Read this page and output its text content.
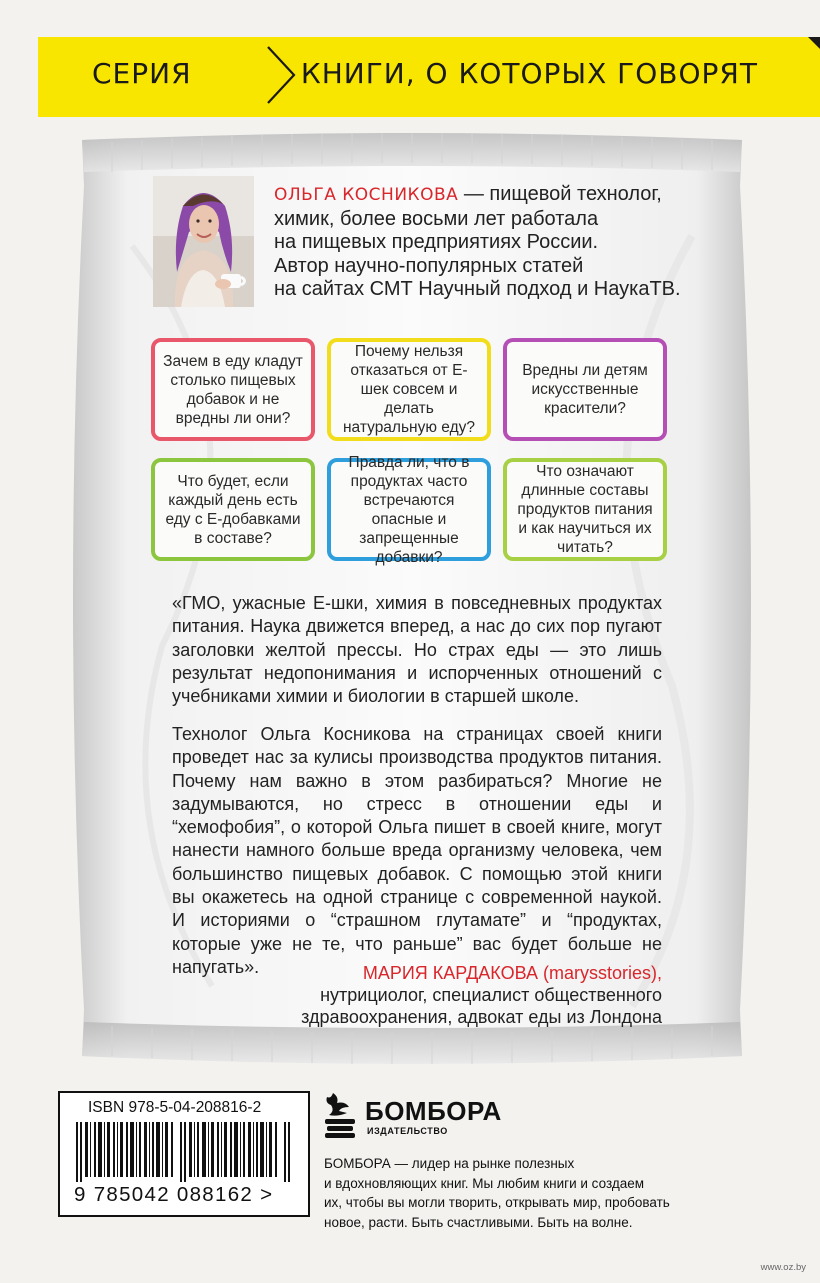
СЕРИЯ	КНИГИ, О КОТОРЫХ ГОВОРЯТ
ОЛЬГА КОСНИКОВА — пищевой технолог,
химик, более восьми лет работала
на пищевых предприятиях России.
Автор научно-популярных статей
на сайтах СМТ Научный подход и НаукаТВ.
Зачем в еду кладут столько пищевых добавок и не вредны ли они?
Почему нельзя отказаться от Е-шек совсем и делать натуральную еду?
Вредны ли детям искусственные красители?
Что будет, если каждый день есть еду с Е-добавками в составе?
Правда ли, что в продуктах часто встречаются опасные и запрещенные добавки?
Что означают длинные составы продуктов питания и как научиться их читать?
«ГМО, ужасные Е-шки, химия в повседневных продуктах питания. Наука движется вперед, а нас до сих пор пугают заголовки желтой прессы. Но страх еды — это лишь результат недопонимания и испорченных отношений с учебниками химии и биологии в старшей школе.
Технолог Ольга Косникова на страницах своей книги проведет нас за кулисы производства продуктов питания. Почему нам важно в этом разбираться? Многие не задумываются, но стресс в отношении еды и “хемофобия”, о которой Ольга пишет в своей книге, могут нанести намного больше вреда организму человека, чем большинство пищевых добавок. С помощью этой книги вы окажетесь на одной странице с современной наукой. И историями о “страшном глутамате” и “продуктах, которые уже не те, что раньше” вас будет больше не напугать».	МАРИЯ КАРДАКОВА (marysstories),
нутрициолог, специалист общественного
здравоохранения, адвокат еды из Лондона
ISBN 978-5-04-208816-2
9 785042 088162 >
БОМБОРА
ИЗДАТЕЛЬСТВО
БОМБОРА — лидер на рынке полезных
и вдохновляющих книг. Мы любим книги и создаем
их, чтобы вы могли творить, открывать мир, пробовать
новое, расти. Быть счастливыми. Быть на волне.
www.oz.by
